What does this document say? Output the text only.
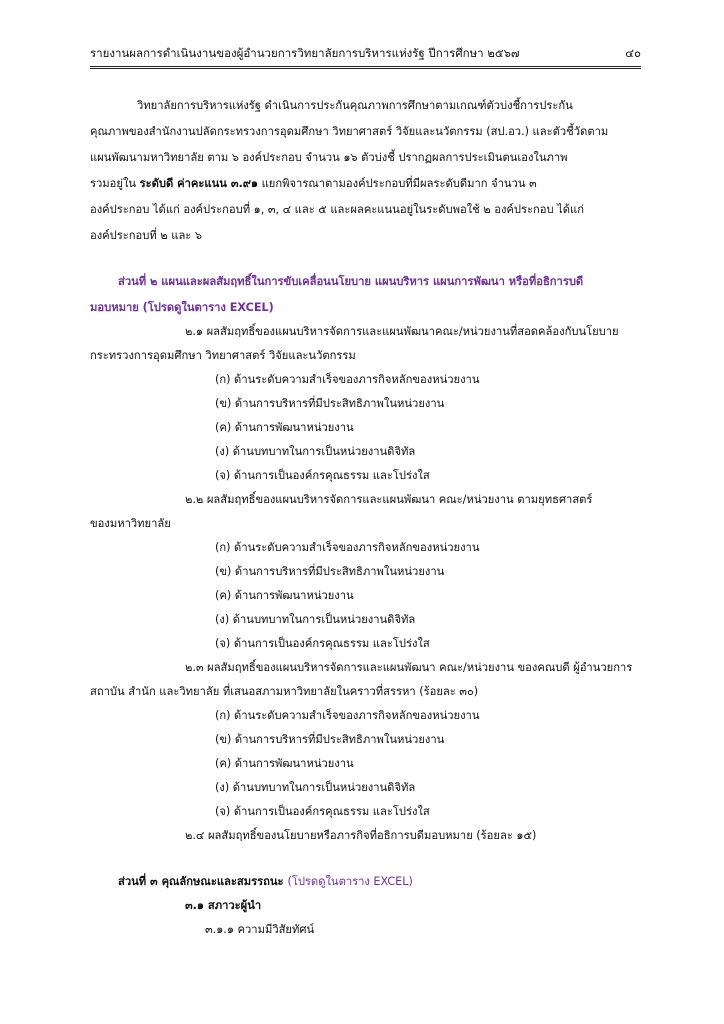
รายงานผลการดำเนินงานของผู้อำนวยการวิทยาลัยการบริหารแห่งรัฐ ปีการศึกษา ๒๕๖๗	๔๐
วิทยาลัยการบริหารแห่งรัฐ ดำเนินการประกันคุณภาพการศึกษาตามเกณฑ์ตัวบ่งชี้การประกัน
คุณภาพของสำนักงานปลัดกระทรวงการอุดมศึกษา วิทยาศาสตร์ วิจัยและนวัตกรรม (สป.อว.) และตัวชี้วัดตาม
แผนพัฒนามหาวิทยาลัย ตาม ๖ องค์ประกอบ จำนวน ๑๖ ตัวบ่งชี้ ปรากฏผลการประเมินตนเองในภาพ
รวมอยู่ใน ระดับดี ค่าคะแนน ๓.๙๑ แยกพิจารณาตามองค์ประกอบที่มีผลระดับดีมาก จำนวน ๓
องค์ประกอบ ได้แก่ องค์ประกอบที่ ๑, ๓, ๔ และ ๕ และผลคะแนนอยู่ในระดับพอใช้ ๒ องค์ประกอบ ได้แก่
องค์ประกอบที่ ๒ และ ๖
ส่วนที่ ๒ แผนและผลสัมฤทธิ์ในการขับเคลื่อนนโยบาย แผนบริหาร แผนการพัฒนา หรือที่อธิการบดี
มอบหมาย (โปรดดูในตาราง EXCEL)
๒.๑ ผลสัมฤทธิ์ของแผนบริหารจัดการและแผนพัฒนาคณะ/หน่วยงานที่สอดคล้องกับนโยบาย
กระทรวงการอุดมศึกษา วิทยาศาสตร์ วิจัยและนวัตกรรม
(ก) ด้านระดับความสำเร็จของภารกิจหลักของหน่วยงาน
(ข) ด้านการบริหารที่มีประสิทธิภาพในหน่วยงาน
(ค) ด้านการพัฒนาหน่วยงาน
(ง) ด้านบทบาทในการเป็นหน่วยงานดิจิทัล
(จ) ด้านการเป็นองค์กรคุณธรรม และโปร่งใส
๒.๒ ผลสัมฤทธิ์ของแผนบริหารจัดการและแผนพัฒนา คณะ/หน่วยงาน ตามยุทธศาสตร์
ของมหาวิทยาลัย
(ก) ด้านระดับความสำเร็จของภารกิจหลักของหน่วยงาน
(ข) ด้านการบริหารที่มีประสิทธิภาพในหน่วยงาน
(ค) ด้านการพัฒนาหน่วยงาน
(ง) ด้านบทบาทในการเป็นหน่วยงานดิจิทัล
(จ) ด้านการเป็นองค์กรคุณธรรม และโปร่งใส
๒.๓ ผลสัมฤทธิ์ของแผนบริหารจัดการและแผนพัฒนา คณะ/หน่วยงาน ของคณบดี ผู้อำนวยการ
สถาบัน สำนัก และวิทยาลัย ที่เสนอสภามหาวิทยาลัยในคราวที่สรรหา (ร้อยละ ๓๐)
(ก) ด้านระดับความสำเร็จของภารกิจหลักของหน่วยงาน
(ข) ด้านการบริหารที่มีประสิทธิภาพในหน่วยงาน
(ค) ด้านการพัฒนาหน่วยงาน
(ง) ด้านบทบาทในการเป็นหน่วยงานดิจิทัล
(จ) ด้านการเป็นองค์กรคุณธรรม และโปร่งใส
๒.๔ ผลสัมฤทธิ์ของนโยบายหรือภารกิจที่อธิการบดีมอบหมาย (ร้อยละ ๑๕)
ส่วนที่ ๓ คุณลักษณะและสมรรถนะ (โปรดดูในตาราง EXCEL)
๓.๑ สภาวะผู้นำ
๓.๑.๑ ความมีวิสัยทัศน์
